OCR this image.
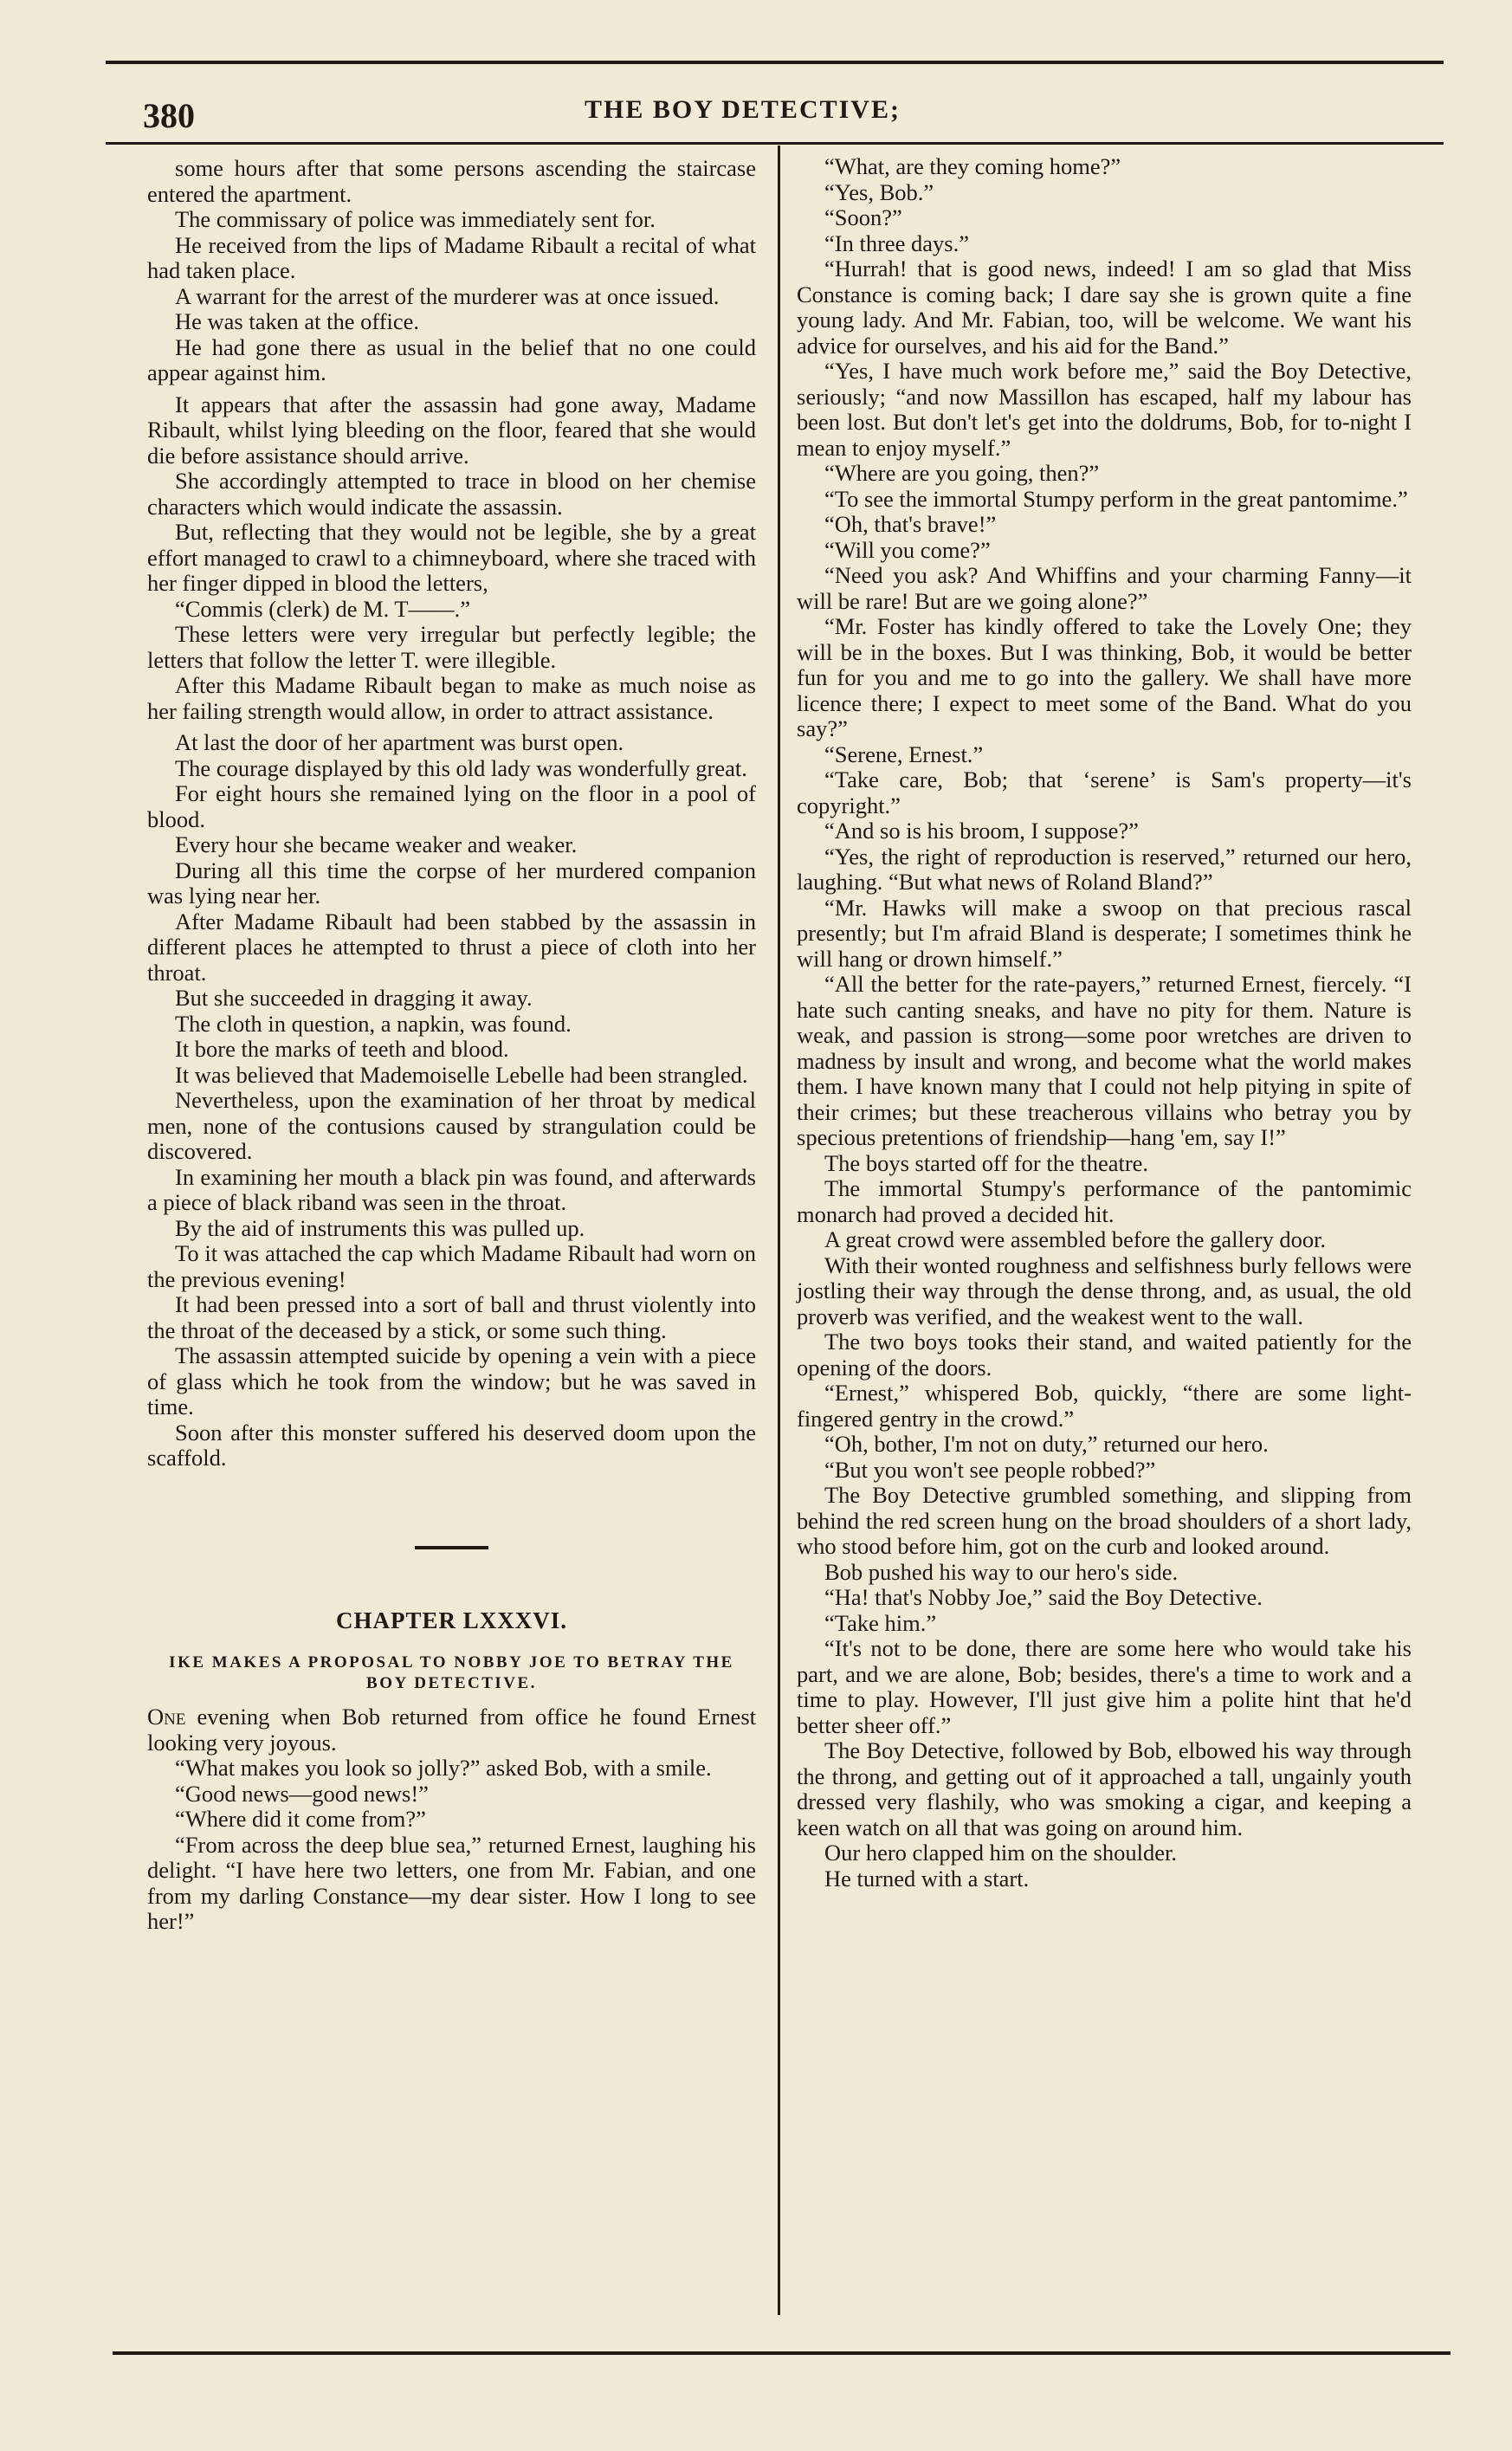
380	THE BOY DETECTIVE;

some hours after that some persons ascending the staircase entered the apartment.

The commissary of police was immediately sent for.

He received from the lips of Madame Ribault a recital of what had taken place.

A warrant for the arrest of the murderer was at once issued.

He was taken at the office.

He had gone there as usual in the belief that no one could appear against him.

It appears that after the assassin had gone away, Madame Ribault, whilst lying bleeding on the floor, feared that she would die before assistance should arrive.

She accordingly attempted to trace in blood on her chemise characters which would indicate the assassin.

But, reflecting that they would not be legible, she by a great effort managed to crawl to a chimneyboard, where she traced with her finger dipped in blood the letters,

“Commis (clerk) de M. T——.”

These letters were very irregular but perfectly legible; the letters that follow the letter T. were illegible.

After this Madame Ribault began to make as much noise as her failing strength would allow, in order to attract assistance.

At last the door of her apartment was burst open.

The courage displayed by this old lady was wonderfully great.

For eight hours she remained lying on the floor in a pool of blood.

Every hour she became weaker and weaker.

During all this time the corpse of her murdered companion was lying near her.

After Madame Ribault had been stabbed by the assassin in different places he attempted to thrust a piece of cloth into her throat.

But she succeeded in dragging it away.

The cloth in question, a napkin, was found.

It bore the marks of teeth and blood.

It was believed that Mademoiselle Lebelle had been strangled.

Nevertheless, upon the examination of her throat by medical men, none of the contusions caused by strangulation could be discovered.

In examining her mouth a black pin was found, and afterwards a piece of black riband was seen in the throat.

By the aid of instruments this was pulled up.

To it was attached the cap which Madame Ribault had worn on the previous evening!

It had been pressed into a sort of ball and thrust violently into the throat of the deceased by a stick, or some such thing.

The assassin attempted suicide by opening a vein with a piece of glass which he took from the window; but he was saved in time.

Soon after this monster suffered his deserved doom upon the scaffold.

CHAPTER LXXXVI.
IKE MAKES A PROPOSAL TO NOBBY JOE TO BETRAY THE BOY DETECTIVE.

One evening when Bob returned from office he found Ernest looking very joyous.

“What makes you look so jolly?” asked Bob, with a smile.

“Good news—good news!”

“Where did it come from?”

“From across the deep blue sea,” returned Ernest, laughing his delight. “I have here two letters, one from Mr. Fabian, and one from my darling Constance—my dear sister. How I long to see her!”

“What, are they coming home?”

“Yes, Bob.”

“Soon?”

“In three days.”

“Hurrah! that is good news, indeed! I am so glad that Miss Constance is coming back; I dare say she is grown quite a fine young lady. And Mr. Fabian, too, will be welcome. We want his advice for ourselves, and his aid for the Band.”

“Yes, I have much work before me,” said the Boy Detective, seriously; “and now Massillon has escaped, half my labour has been lost. But don't let's get into the doldrums, Bob, for to-night I mean to enjoy myself.”

“Where are you going, then?”

“To see the immortal Stumpy perform in the great pantomime.”

“Oh, that's brave!”

“Will you come?”

“Need you ask? And Whiffins and your charming Fanny—it will be rare! But are we going alone?”

“Mr. Foster has kindly offered to take the Lovely One; they will be in the boxes. But I was thinking, Bob, it would be better fun for you and me to go into the gallery. We shall have more licence there; I expect to meet some of the Band. What do you say?”

“Serene, Ernest.”

“Take care, Bob; that ‘serene’ is Sam's property—it's copyright.”

“And so is his broom, I suppose?”

“Yes, the right of reproduction is reserved,” returned our hero, laughing. “But what news of Roland Bland?”

“Mr. Hawks will make a swoop on that precious rascal presently; but I'm afraid Bland is desperate; I sometimes think he will hang or drown himself.”

“All the better for the rate-payers,” returned Ernest, fiercely. “I hate such canting sneaks, and have no pity for them. Nature is weak, and passion is strong—some poor wretches are driven to madness by insult and wrong, and become what the world makes them. I have known many that I could not help pitying in spite of their crimes; but these treacherous villains who betray you by specious pretentions of friendship—hang 'em, say I!”

The boys started off for the theatre.

The immortal Stumpy's performance of the pantomimic monarch had proved a decided hit.

A great crowd were assembled before the gallery door.

With their wonted roughness and selfishness burly fellows were jostling their way through the dense throng, and, as usual, the old proverb was verified, and the weakest went to the wall.

The two boys tooks their stand, and waited patiently for the opening of the doors.

“Ernest,” whispered Bob, quickly, “there are some light-fingered gentry in the crowd.”

“Oh, bother, I'm not on duty,” returned our hero.

“But you won't see people robbed?”

The Boy Detective grumbled something, and slipping from behind the red screen hung on the broad shoulders of a short lady, who stood before him, got on the curb and looked around.

Bob pushed his way to our hero's side.

“Ha! that's Nobby Joe,” said the Boy Detective.

“Take him.”

“It's not to be done, there are some here who would take his part, and we are alone, Bob; besides, there's a time to work and a time to play. However, I'll just give him a polite hint that he'd better sheer off.”

The Boy Detective, followed by Bob, elbowed his way through the throng, and getting out of it approached a tall, ungainly youth dressed very flashily, who was smoking a cigar, and keeping a keen watch on all that was going on around him.

Our hero clapped him on the shoulder.

He turned with a start.
